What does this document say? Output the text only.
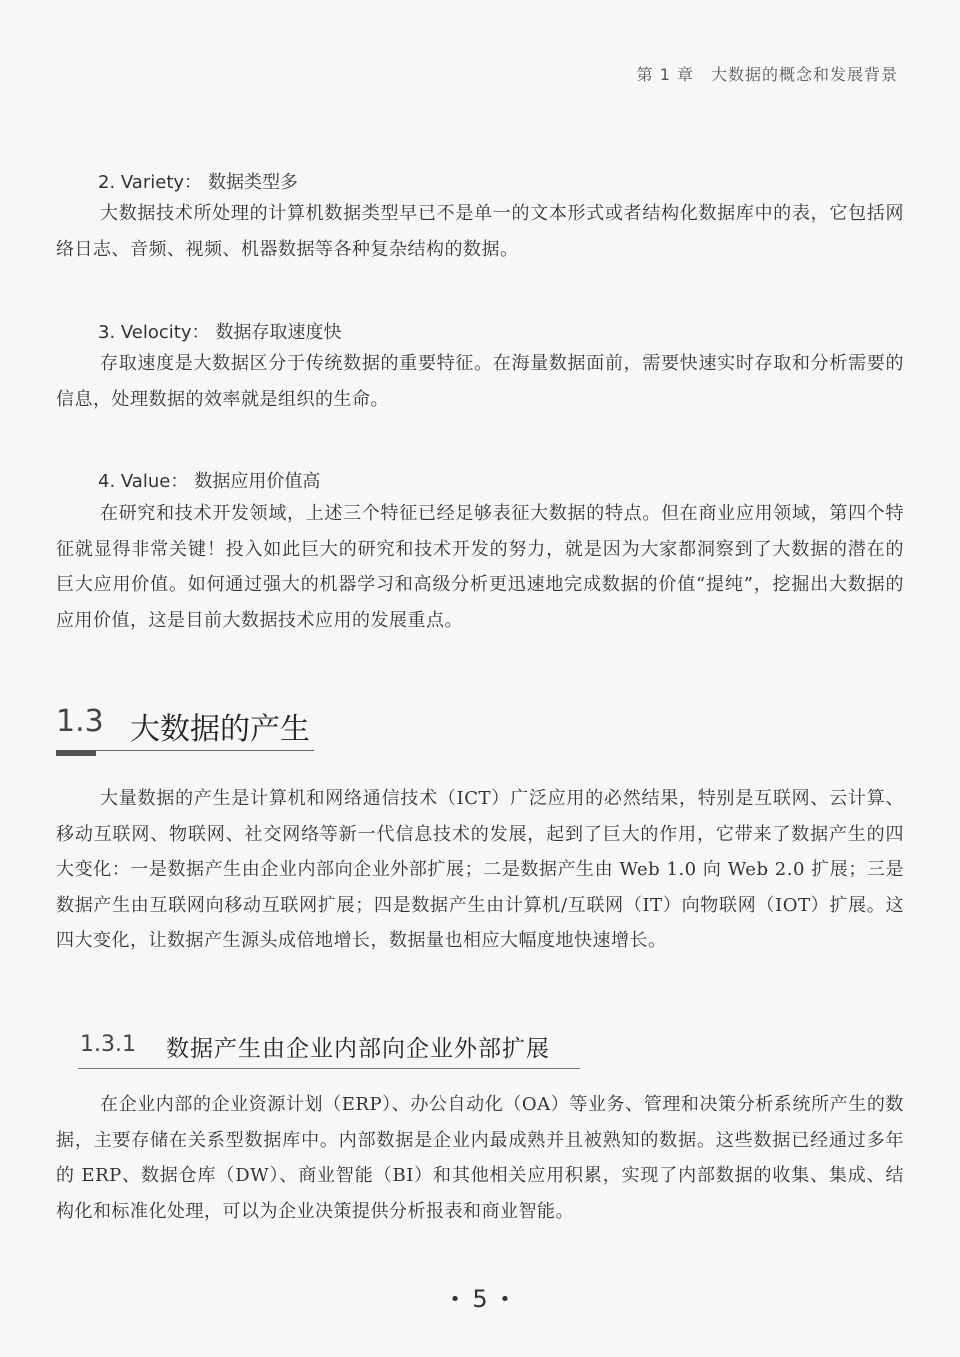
第 1 章　大数据的概念和发展背景
2. Variety： 数据类型多

大数据技术所处理的计算机数据类型早已不是单一的文本形式或者结构化数据库中的表，它包括网络日志、音频、视频、机器数据等各种复杂结构的数据。

3. Velocity： 数据存取速度快

存取速度是大数据区分于传统数据的重要特征。在海量数据面前，需要快速实时存取和分析需要的信息，处理数据的效率就是组织的生命。

4. Value： 数据应用价值高

在研究和技术开发领域，上述三个特征已经足够表征大数据的特点。但在商业应用领域，第四个特征就显得非常关键！投入如此巨大的研究和技术开发的努力，就是因为大家都洞察到了大数据的潜在的巨大应用价值。如何通过强大的机器学习和高级分析更迅速地完成数据的价值“提纯”，挖掘出大数据的应用价值，这是目前大数据技术应用的发展重点。

1.3 大数据的产生

大量数据的产生是计算机和网络通信技术（ICT）广泛应用的必然结果，特别是互联网、云计算、移动互联网、物联网、社交网络等新一代信息技术的发展，起到了巨大的作用，它带来了数据产生的四大变化：一是数据产生由企业内部向企业外部扩展；二是数据产生由 Web 1.0 向 Web 2.0 扩展；三是数据产生由互联网向移动互联网扩展；四是数据产生由计算机/互联网（IT）向物联网（IOT）扩展。这四大变化，让数据产生源头成倍地增长，数据量也相应大幅度地快速增长。

1.3.1 数据产生由企业内部向企业外部扩展

在企业内部的企业资源计划（ERP）、办公自动化（OA）等业务、管理和决策分析系统所产生的数据，主要存储在关系型数据库中。内部数据是企业内最成熟并且被熟知的数据。这些数据已经通过多年的 ERP、数据仓库（DW）、商业智能（BI）和其他相关应用积累，实现了内部数据的收集、集成、结构化和标准化处理，可以为企业决策提供分析报表和商业智能。

• 5 •
